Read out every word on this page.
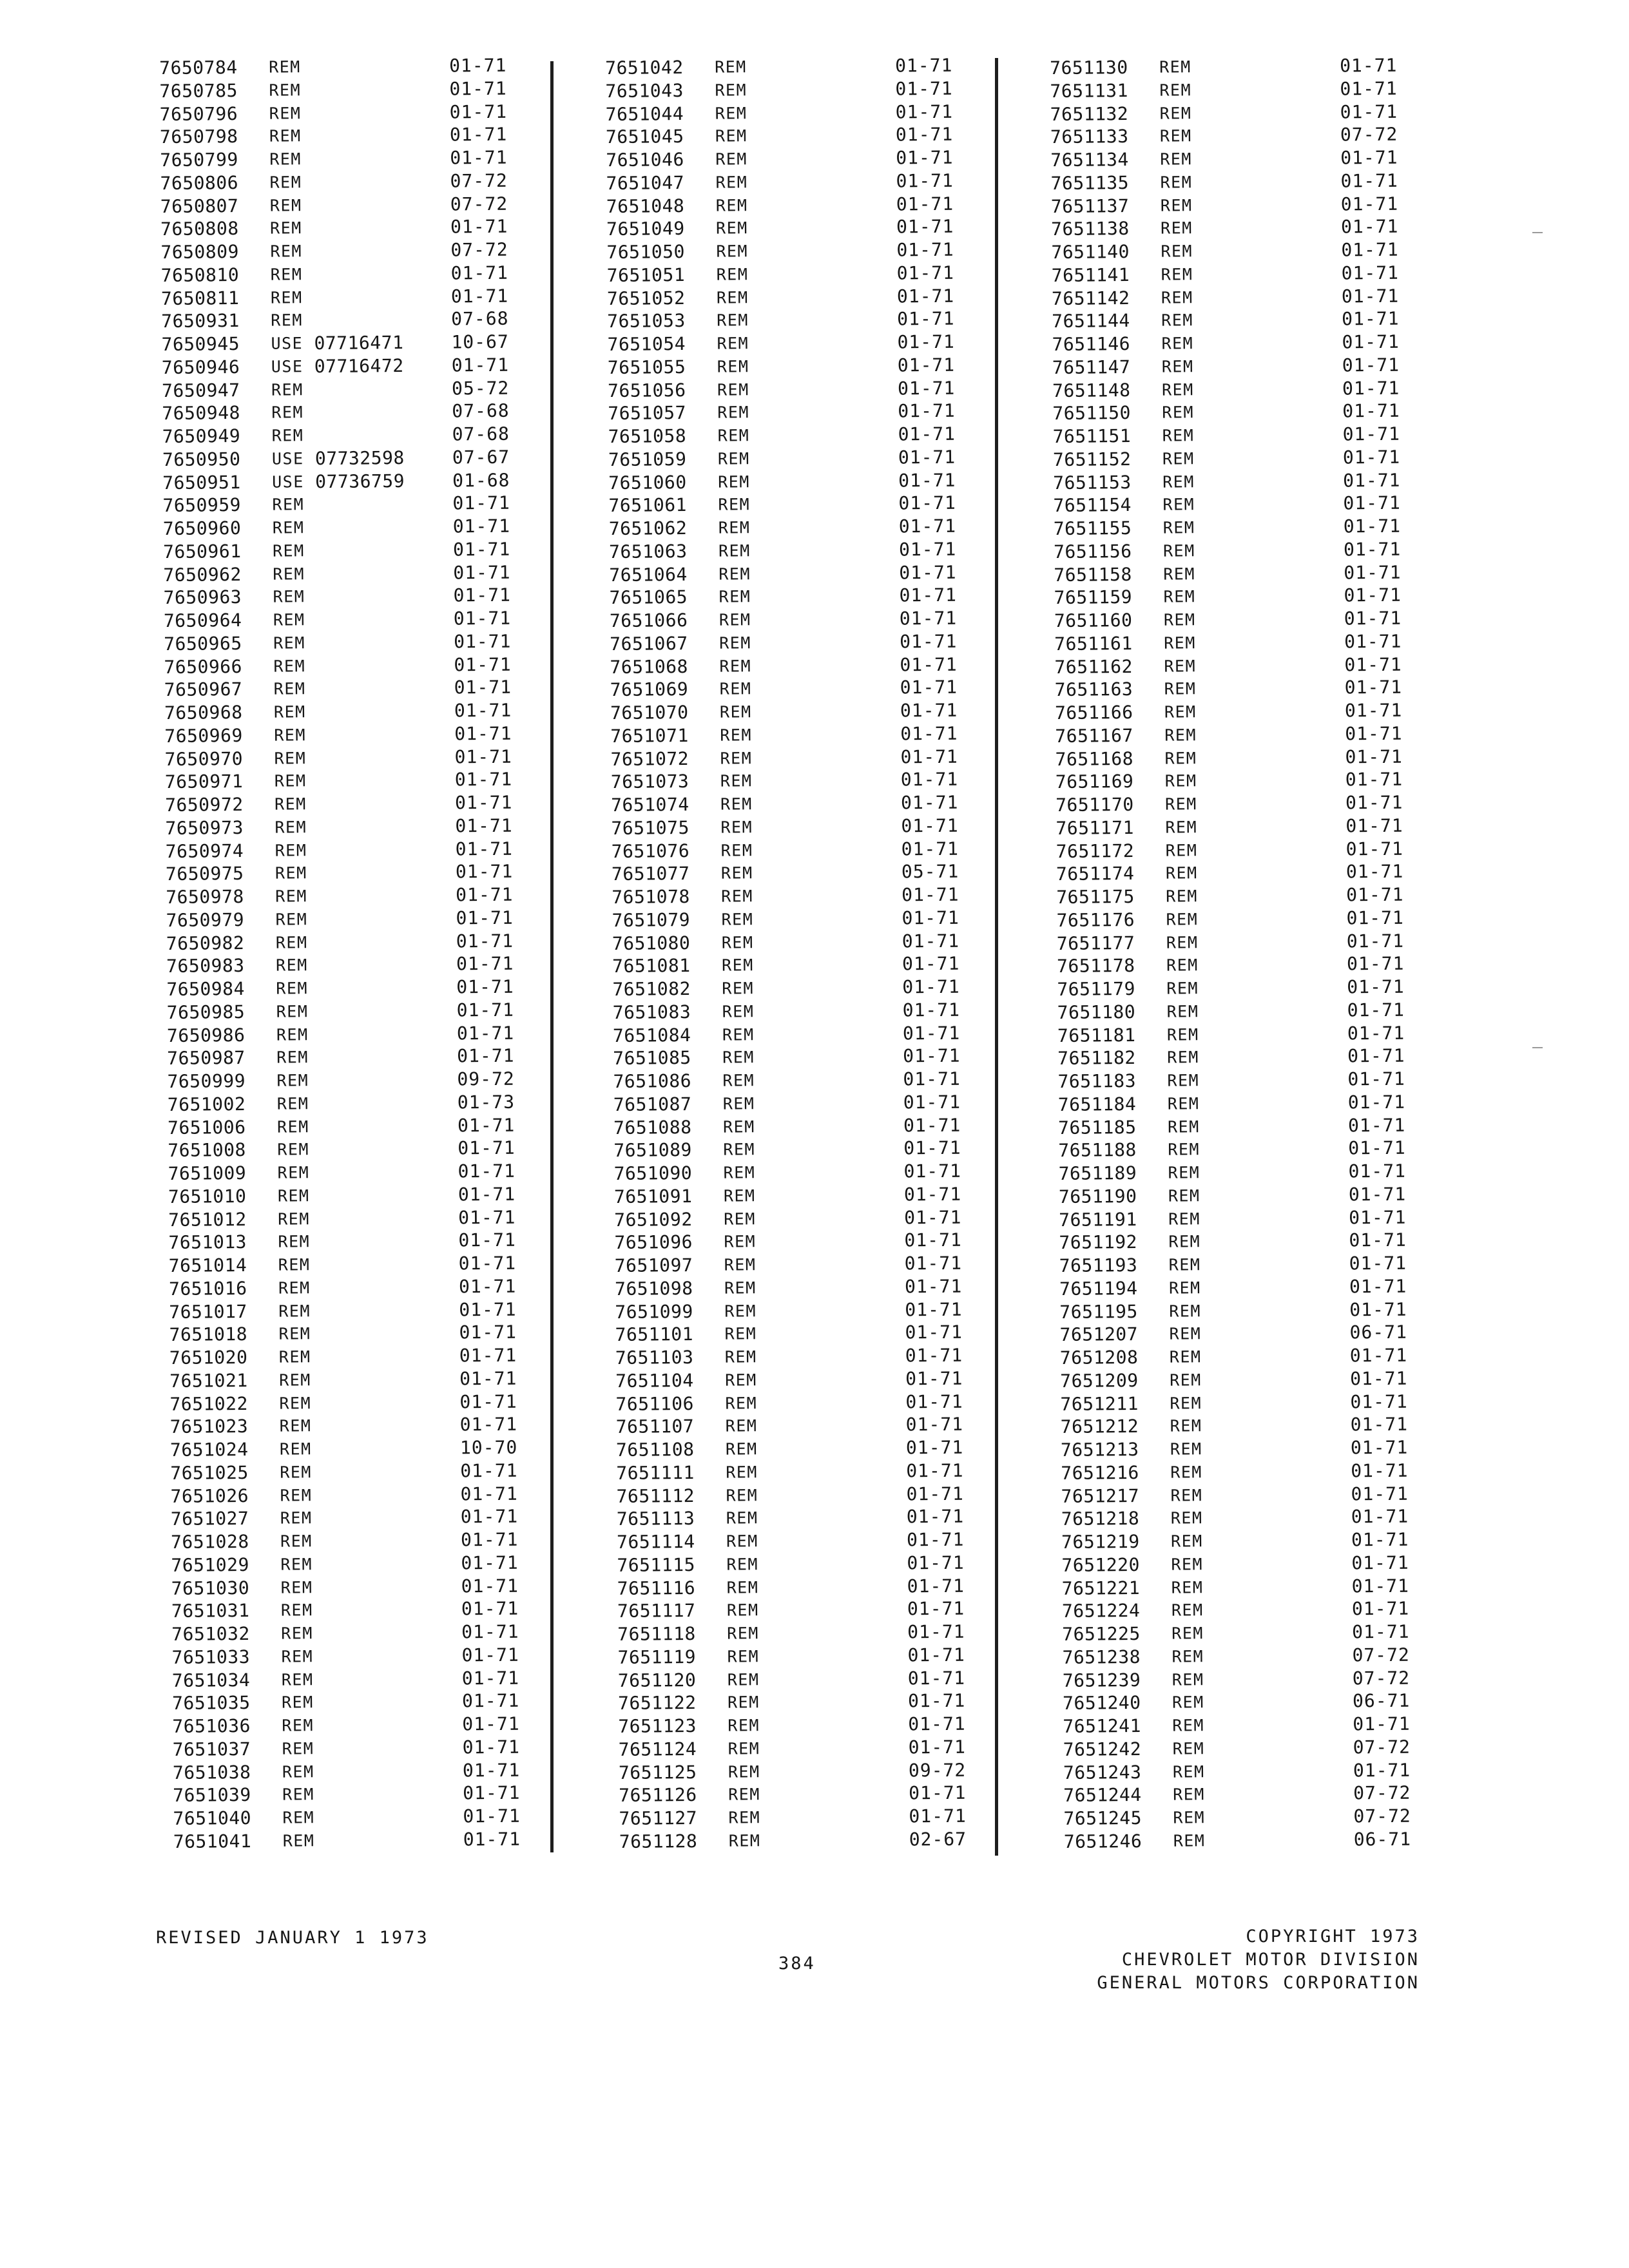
7650784	REM	01-71
7650785	REM	01-71
7650796	REM	01-71
7650798	REM	01-71
7650799	REM	01-71
7650806	REM	07-72
7650807	REM	07-72
7650808	REM	01-71
7650809	REM	07-72
7650810	REM	01-71
7650811	REM	01-71
7650931	REM	07-68
7650945	USE 07716471	10-67
7650946	USE 07716472	01-71
7650947	REM	05-72
7650948	REM	07-68
7650949	REM	07-68
7650950	USE 07732598	07-67
7650951	USE 07736759	01-68
7650959	REM	01-71
7650960	REM	01-71
7650961	REM	01-71
7650962	REM	01-71
7650963	REM	01-71
7650964	REM	01-71
7650965	REM	01-71
7650966	REM	01-71
7650967	REM	01-71
7650968	REM	01-71
7650969	REM	01-71
7650970	REM	01-71
7650971	REM	01-71
7650972	REM	01-71
7650973	REM	01-71
7650974	REM	01-71
7650975	REM	01-71
7650978	REM	01-71
7650979	REM	01-71
7650982	REM	01-71
7650983	REM	01-71
7650984	REM	01-71
7650985	REM	01-71
7650986	REM	01-71
7650987	REM	01-71
7650999	REM	09-72
7651002	REM	01-73
7651006	REM	01-71
7651008	REM	01-71
7651009	REM	01-71
7651010	REM	01-71
7651012	REM	01-71
7651013	REM	01-71
7651014	REM	01-71
7651016	REM	01-71
7651017	REM	01-71
7651018	REM	01-71
7651020	REM	01-71
7651021	REM	01-71
7651022	REM	01-71
7651023	REM	01-71
7651024	REM	10-70
7651025	REM	01-71
7651026	REM	01-71
7651027	REM	01-71
7651028	REM	01-71
7651029	REM	01-71
7651030	REM	01-71
7651031	REM	01-71
7651032	REM	01-71
7651033	REM	01-71
7651034	REM	01-71
7651035	REM	01-71
7651036	REM	01-71
7651037	REM	01-71
7651038	REM	01-71
7651039	REM	01-71
7651040	REM	01-71
7651041	REM	01-71
7651042	REM	01-71
7651043	REM	01-71
7651044	REM	01-71
7651045	REM	01-71
7651046	REM	01-71
7651047	REM	01-71
7651048	REM	01-71
7651049	REM	01-71
7651050	REM	01-71
7651051	REM	01-71
7651052	REM	01-71
7651053	REM	01-71
7651054	REM	01-71
7651055	REM	01-71
7651056	REM	01-71
7651057	REM	01-71
7651058	REM	01-71
7651059	REM	01-71
7651060	REM	01-71
7651061	REM	01-71
7651062	REM	01-71
7651063	REM	01-71
7651064	REM	01-71
7651065	REM	01-71
7651066	REM	01-71
7651067	REM	01-71
7651068	REM	01-71
7651069	REM	01-71
7651070	REM	01-71
7651071	REM	01-71
7651072	REM	01-71
7651073	REM	01-71
7651074	REM	01-71
7651075	REM	01-71
7651076	REM	01-71
7651077	REM	05-71
7651078	REM	01-71
7651079	REM	01-71
7651080	REM	01-71
7651081	REM	01-71
7651082	REM	01-71
7651083	REM	01-71
7651084	REM	01-71
7651085	REM	01-71
7651086	REM	01-71
7651087	REM	01-71
7651088	REM	01-71
7651089	REM	01-71
7651090	REM	01-71
7651091	REM	01-71
7651092	REM	01-71
7651096	REM	01-71
7651097	REM	01-71
7651098	REM	01-71
7651099	REM	01-71
7651101	REM	01-71
7651103	REM	01-71
7651104	REM	01-71
7651106	REM	01-71
7651107	REM	01-71
7651108	REM	01-71
7651111	REM	01-71
7651112	REM	01-71
7651113	REM	01-71
7651114	REM	01-71
7651115	REM	01-71
7651116	REM	01-71
7651117	REM	01-71
7651118	REM	01-71
7651119	REM	01-71
7651120	REM	01-71
7651122	REM	01-71
7651123	REM	01-71
7651124	REM	01-71
7651125	REM	09-72
7651126	REM	01-71
7651127	REM	01-71
7651128	REM	02-67
7651130	REM	01-71
7651131	REM	01-71
7651132	REM	01-71
7651133	REM	07-72
7651134	REM	01-71
7651135	REM	01-71
7651137	REM	01-71
7651138	REM	01-71
7651140	REM	01-71
7651141	REM	01-71
7651142	REM	01-71
7651144	REM	01-71
7651146	REM	01-71
7651147	REM	01-71
7651148	REM	01-71
7651150	REM	01-71
7651151	REM	01-71
7651152	REM	01-71
7651153	REM	01-71
7651154	REM	01-71
7651155	REM	01-71
7651156	REM	01-71
7651158	REM	01-71
7651159	REM	01-71
7651160	REM	01-71
7651161	REM	01-71
7651162	REM	01-71
7651163	REM	01-71
7651166	REM	01-71
7651167	REM	01-71
7651168	REM	01-71
7651169	REM	01-71
7651170	REM	01-71
7651171	REM	01-71
7651172	REM	01-71
7651174	REM	01-71
7651175	REM	01-71
7651176	REM	01-71
7651177	REM	01-71
7651178	REM	01-71
7651179	REM	01-71
7651180	REM	01-71
7651181	REM	01-71
7651182	REM	01-71
7651183	REM	01-71
7651184	REM	01-71
7651185	REM	01-71
7651188	REM	01-71
7651189	REM	01-71
7651190	REM	01-71
7651191	REM	01-71
7651192	REM	01-71
7651193	REM	01-71
7651194	REM	01-71
7651195	REM	01-71
7651207	REM	06-71
7651208	REM	01-71
7651209	REM	01-71
7651211	REM	01-71
7651212	REM	01-71
7651213	REM	01-71
7651216	REM	01-71
7651217	REM	01-71
7651218	REM	01-71
7651219	REM	01-71
7651220	REM	01-71
7651221	REM	01-71
7651224	REM	01-71
7651225	REM	01-71
7651238	REM	07-72
7651239	REM	07-72
7651240	REM	06-71
7651241	REM	01-71
7651242	REM	07-72
7651243	REM	01-71
7651244	REM	07-72
7651245	REM	07-72
7651246	REM	06-71
REVISED JANUARY 1 1973
384
COPYRIGHT 1973
CHEVROLET MOTOR DIVISION
GENERAL MOTORS CORPORATION
